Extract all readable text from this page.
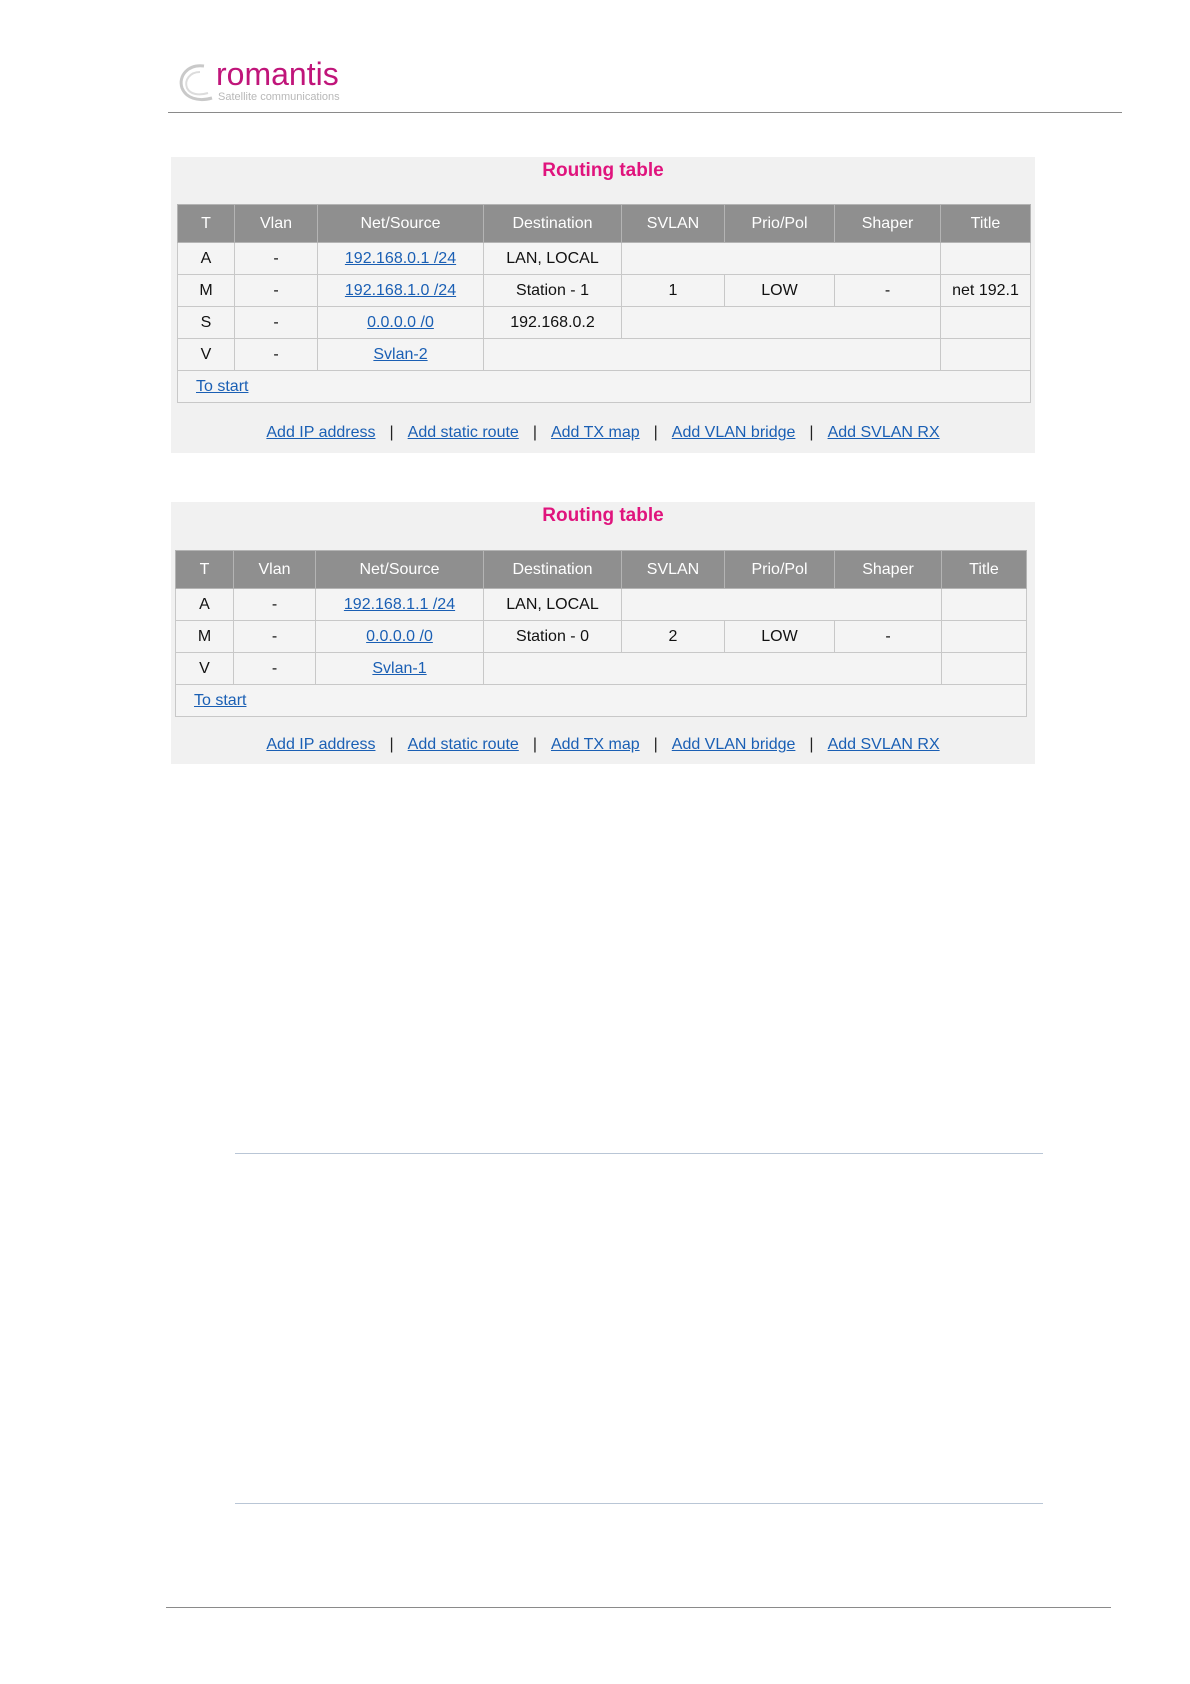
romantis
Satellite communications
Routing table
T	Vlan	Net/Source	Destination	SVLAN	Prio/Pol	Shaper	Title
A	-	192.168.0.1 /24	LAN, LOCAL				
M	-	192.168.1.0 /24	Station - 1	1	LOW	-	net 192.1
S	-	0.0.0.0 /0	192.168.0.2				
V	-	Svlan-2					
To start							
Add IP address | Add static route | Add TX map | Add VLAN bridge | Add SVLAN RX
Routing table
T	Vlan	Net/Source	Destination	SVLAN	Prio/Pol	Shaper	Title
A	-	192.168.1.1 /24	LAN, LOCAL				
M	-	0.0.0.0 /0	Station - 0	2	LOW	-	
V	-	Svlan-1					
To start							
Add IP address | Add static route | Add TX map | Add VLAN bridge | Add SVLAN RX
